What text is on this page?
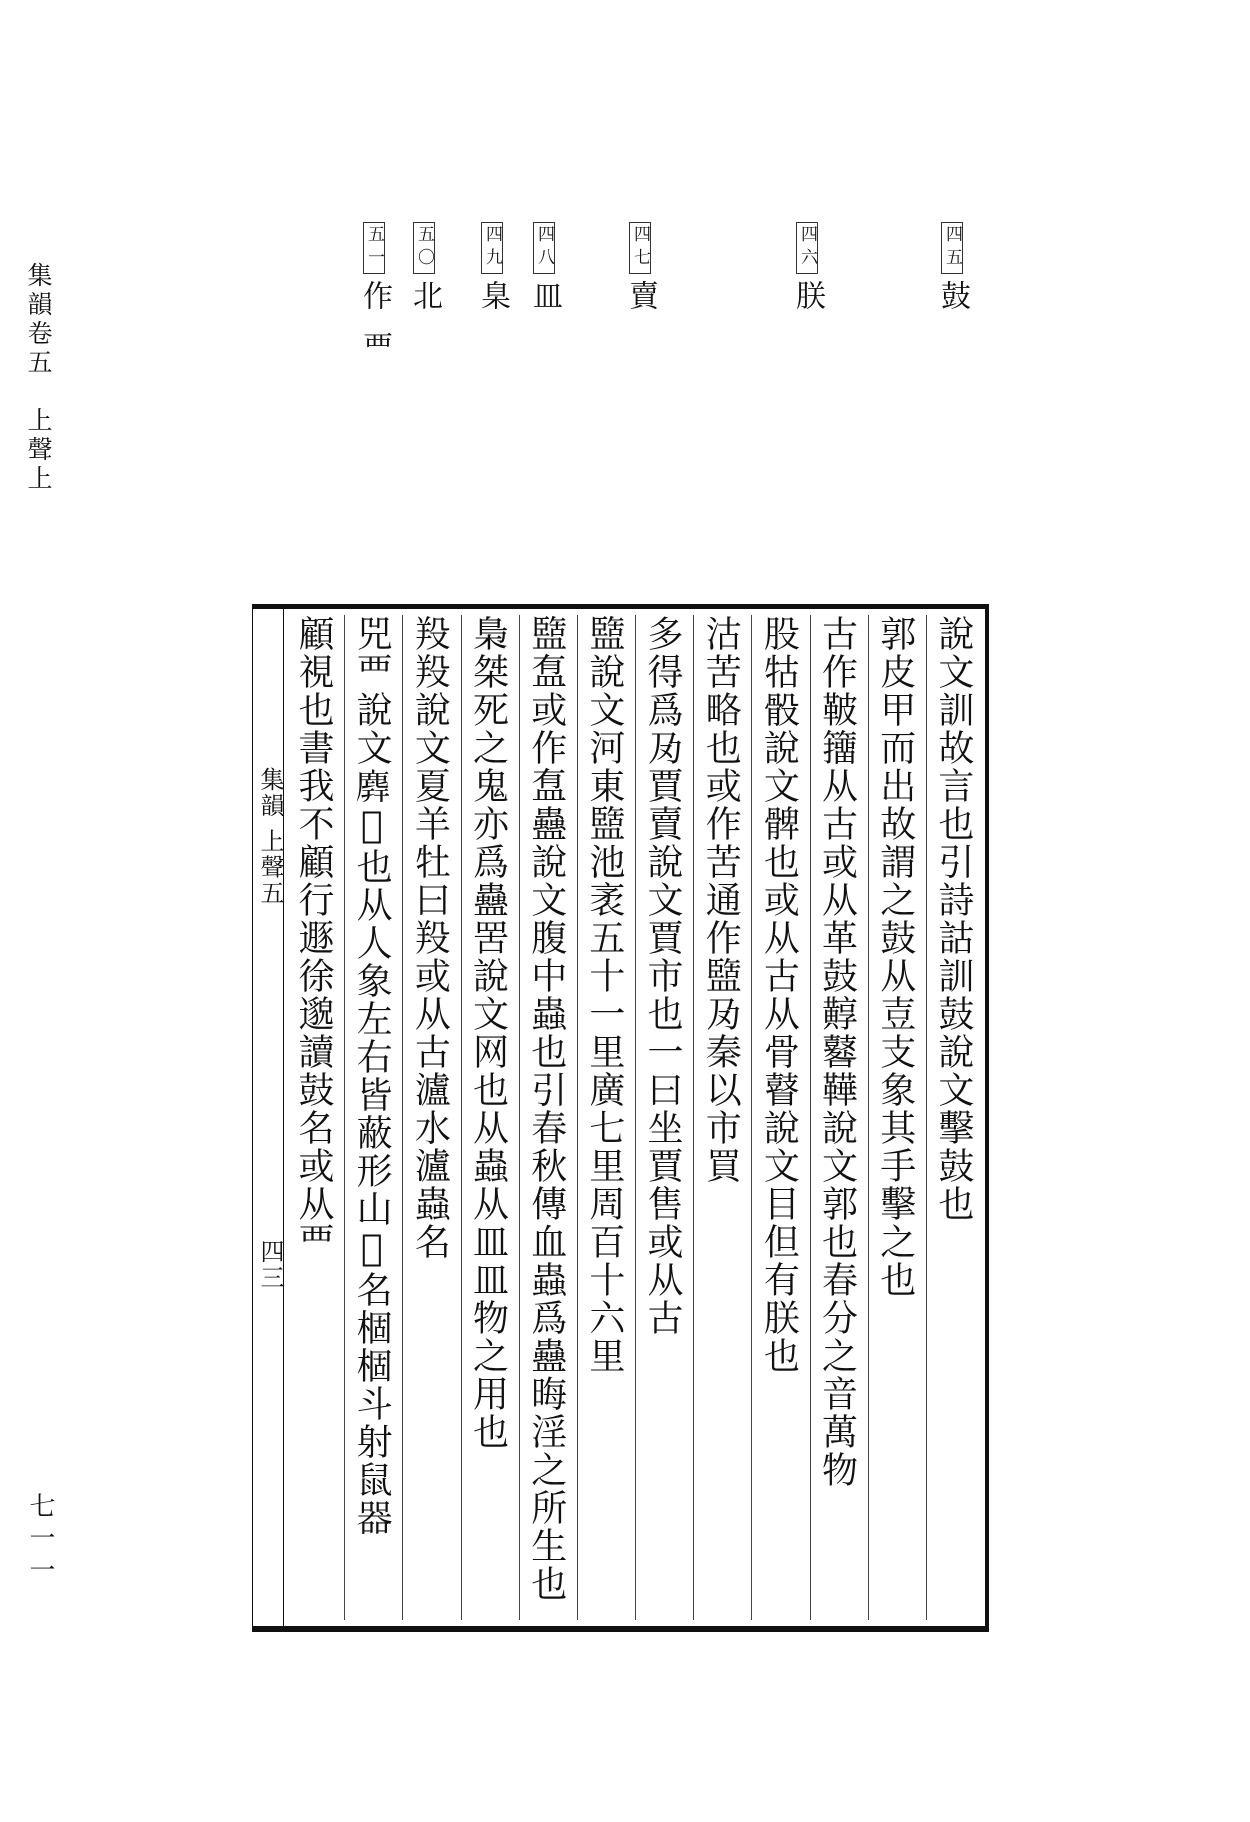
集韻卷五　上聲上
七一一
四五鼓
四六朕
四七賣
四八皿
四九臬
五〇北
五一作 覀
集韻 上聲五
四三
說文訓故言也引詩詁訓鼓說文擊鼓也
郭皮甲而出故謂之鼓从壴支象其手擊之也
古作鞁籒从古或从革鼓䵍鼛鞾說文郭也春分之音萬物
股牯骰說文髀也或从古从骨瞽說文目但有朕也
沽苦略也或作苦通作盬夃秦以市買
多得爲夃賈賣說文賈市也一曰坐賈售或从古
盬說文河東盬池袤五十一里廣七里周百十六里
盬䀁或作䀁蠱說文腹中蟲也引春秋傳血蟲爲蠱晦淫之所生也
梟桀死之鬼亦爲蠱罟說文网也从蟲从皿皿物之用也
羖羖說文夏羊牡曰羖或从古瀘水瀘蟲名
兕覀說文𪊑𤜟也从人象左右皆蔽形山𪔁名棝棝斗射鼠器
顧視也書我不顧行遯徐邈讀鼓名或从覀
